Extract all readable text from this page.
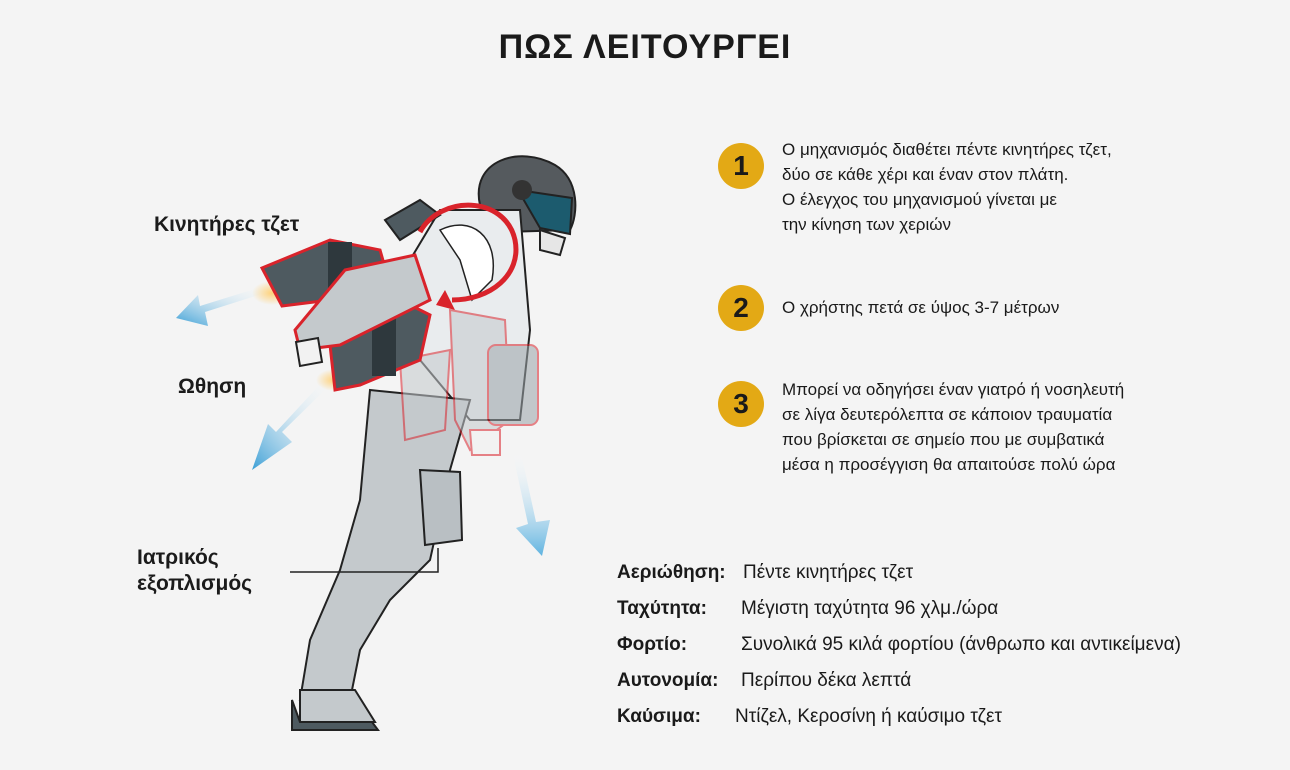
ΠΩΣ ΛΕΙΤΟΥΡΓΕΙ
Κινητήρες τζετ
Ωθηση
Ιατρικός
εξοπλισμός
1
Ο μηχανισμός διαθέτει πέντε κινητήρες τζετ,
δύο σε κάθε χέρι και έναν στον πλάτη.
Ο έλεγχος του μηχανισμού γίνεται με
την κίνηση των χεριών
2	Ο χρήστης πετά σε ύψος 3-7 μέτρων
3	Μπορεί να οδηγήσει έναν γιατρό ή νοσηλευτή
σε λίγα δευτερόλεπτα σε κάποιον τραυματία
που βρίσκεται σε σημείο που με συμβατικά
μέσα η προσέγγιση θα απαιτούσε πολύ ώρα
Αεριώθηση: Πέντε κινητήρες τζετ
Ταχύτητα: Μέγιστη ταχύτητα 96 χλμ./ώρα
Φορτίο:	Συνολικά 95 κιλά φορτίου (άνθρωπο και αντικείμενα)
Αυτονομία: Περίπου δέκα λεπτά
Καύσιμα: Ντίζελ, Κεροσίνη ή καύσιμο τζετ
